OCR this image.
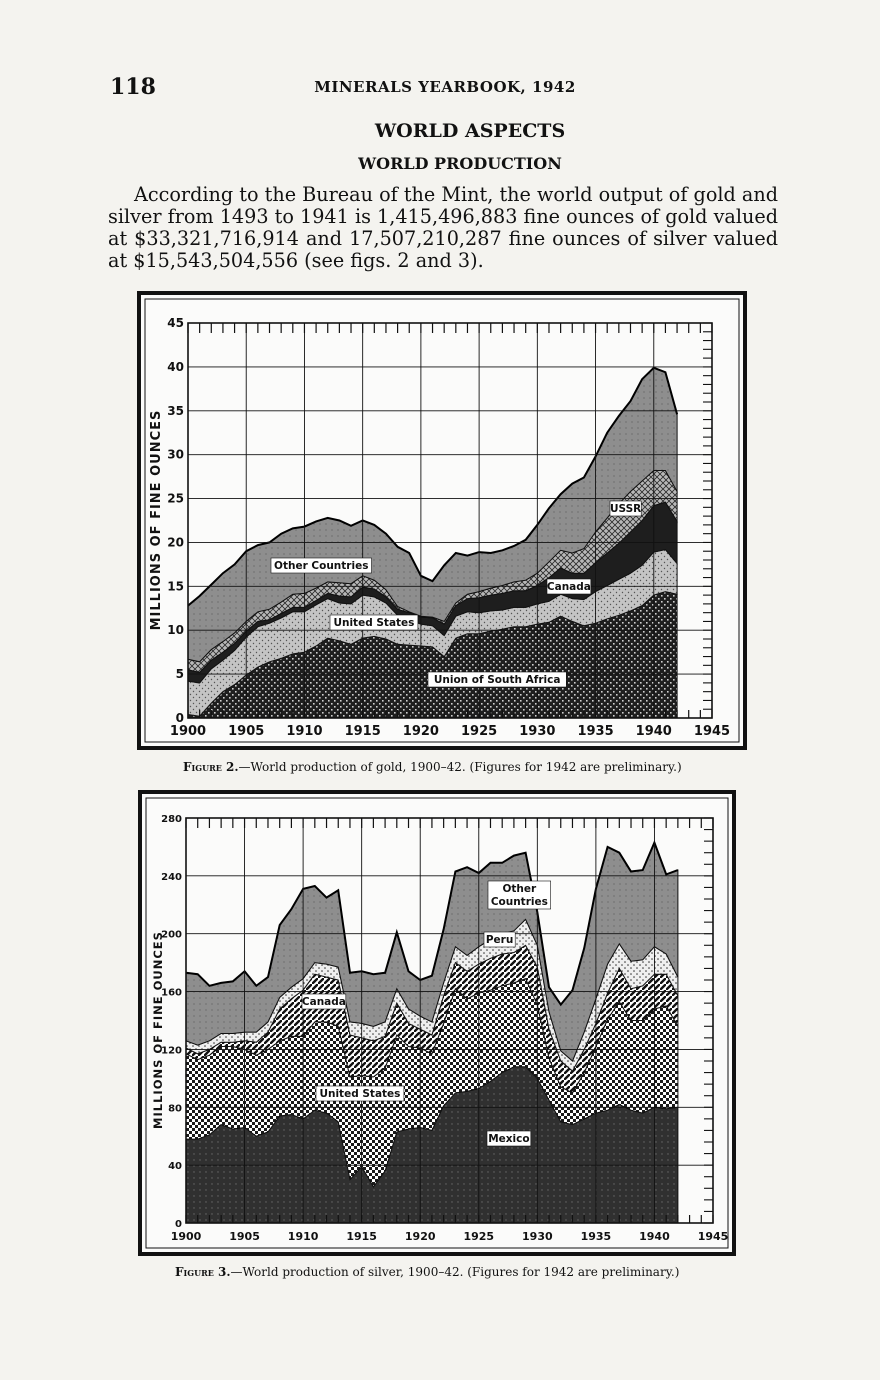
118	MINERALS YEARBOOK, 1942
WORLD ASPECTS
WORLD PRODUCTION
According to the Bureau of the Mint, the world output of gold and silver from 1493 to 1941 is 1,415,496,883 fine ounces of gold valued at $33,321,716,914 and 17,507,210,287 fine ounces of silver valued at $15,543,504,556 (see figs. 2 and 3).
1900 1905 1910 1915 1920 1925 1930 1935 1940 1945
0
5
10
15
20
25
30
35
40
45
MILLIONS OF FINE OUNCES	Other Countries
United States
Union of South Africa
Canada
USSR
1900	1905	1910	1915	1920	1925	1930	1935	1940	1945
0
40
80
120
160
200
240
280
MILLIONS OF FINE OUNCES
Other
Countries
Peru
Canada
United States
Mexico
Figure 2.—World production of gold, 1900–42. (Figures for 1942 are preliminary.)
Figure 3.—World production of silver, 1900–42. (Figures for 1942 are preliminary.)
